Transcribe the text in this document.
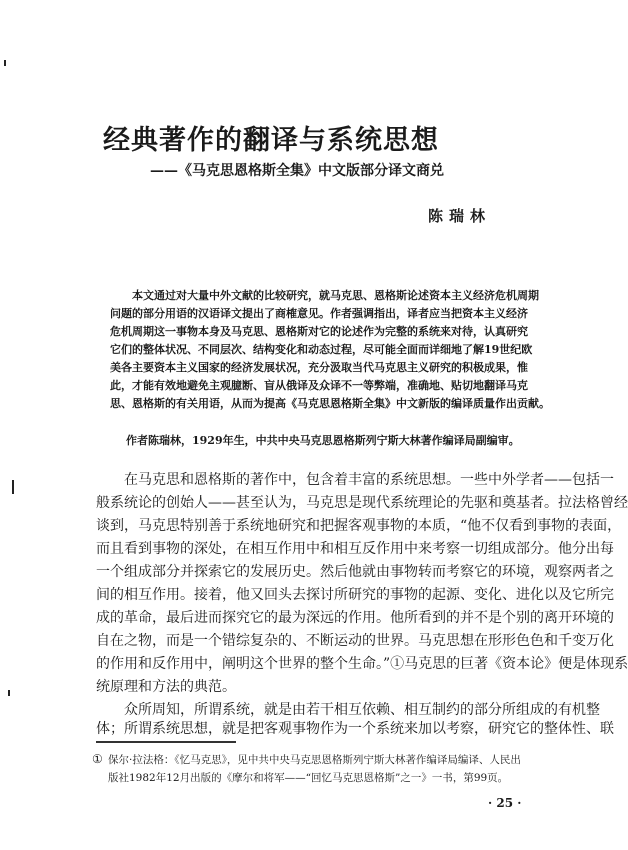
经典著作的翻译与系统思想
——《马克思恩格斯全集》中文版部分译文商兑
陈瑞林
本文通过对大量中外文献的比较研究，就马克思、恩格斯论述资本主义经济危机周期
问题的部分用语的汉语译文提出了商榷意见。作者强调指出，译者应当把资本主义经济
危机周期这一事物本身及马克思、恩格斯对它的论述作为完整的系统来对待，认真研究
它们的整体状况、不同层次、结构变化和动态过程，尽可能全面而详细地了解19世纪欧
美各主要资本主义国家的经济发展状况，充分汲取当代马克思主义研究的积极成果，惟
此，才能有效地避免主观臆断、盲从俄译及众译不一等弊端，准确地、贴切地翻译马克
思、恩格斯的有关用语，从而为提高《马克思恩格斯全集》中文新版的编译质量作出贡献。
作者陈瑞林，1929年生，中共中央马克思恩格斯列宁斯大林著作编译局副编审。
　　在马克思和恩格斯的著作中，包含着丰富的系统思想。一些中外学者——包括一
般系统论的创始人——甚至认为，马克思是现代系统理论的先驱和奠基者。拉法格曾经
谈到，马克思特别善于系统地研究和把握客观事物的本质，“他不仅看到事物的表面，
而且看到事物的深处，在相互作用中和相互反作用中来考察一切组成部分。他分出每
一个组成部分并探索它的发展历史。然后他就由事物转而考察它的环境，观察两者之
间的相互作用。接着，他又回头去探讨所研究的事物的起源、变化、进化以及它所完
成的革命，最后进而探究它的最为深远的作用。他所看到的并不是个别的离开环境的
自在之物，而是一个错综复杂的、不断运动的世界。马克思想在形形色色和千变万化
的作用和反作用中，阐明这个世界的整个生命。”①马克思的巨著《资本论》便是体现系
统原理和方法的典范。
　　众所周知，所谓系统，就是由若干相互依赖、相互制约的部分所组成的有机整
体；所谓系统思想，就是把客观事物作为一个系统来加以考察，研究它的整体性、联
① 保尔·拉法格：《忆马克思》，见中共中央马克思恩格斯列宁斯大林著作编译局编译、人民出
版社1982年12月出版的《摩尔和将军——“回忆马克思恩格斯”之一》一书，第99页。
· 25 ·
